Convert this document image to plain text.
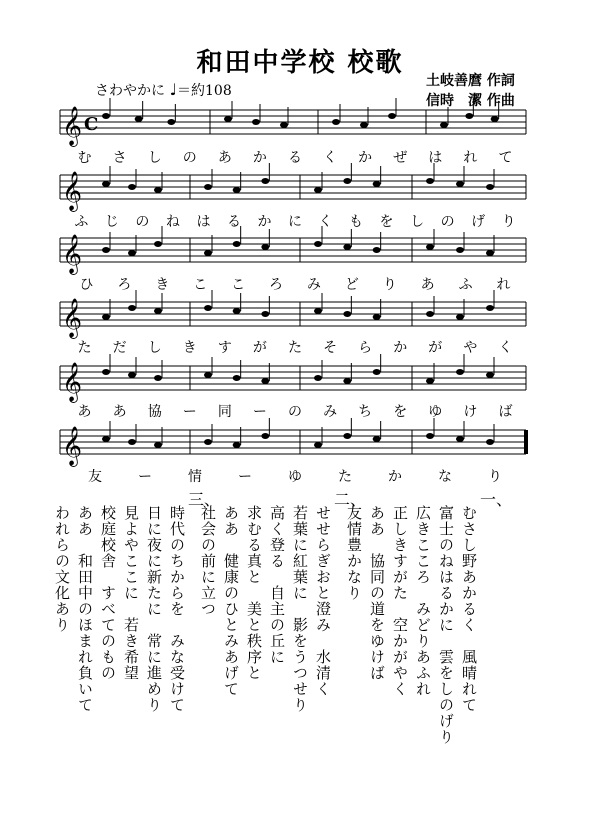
和田中学校 校歌
さわやかに ♩＝約108
土岐善麿 作詞
信時　潔 作曲
𝄞 C
𝄞
𝄞
𝄞
𝄞
𝄞
む さ し の あ か る く か ぜ は れ て
ふ じ の ね は る か に く も を し の げ り
ひ ろ き こ こ ろ み ど り あ ふ れ
た だ し き す が た そ ら か が や く
あ あ 協 ー 同 ー の み ち を ゆ け ば
友	ー	情	ー	ゆ	た	か	な	り
一、
むさし野あかるく　風晴れて
富士のねはるかに　雲をしのげり
広きこころ　みどりあふれ
正しきすがた　空かがやく
ああ　協同の道をゆけば
友情豊かなり
二、
せせらぎおと澄み　水清く
若葉に紅葉に　影をうつせり
高く登る　自主の丘に
求むる真と　美と秩序と
ああ　健康のひとみあげて
社会の前に立つ
三、
時代のちからを　みな受けて
日に夜に新たに　常に進めり
見よやここに　若き希望
校庭校舎　すべてのもの
ああ　和田中のほまれ負いて
われらの文化あり
